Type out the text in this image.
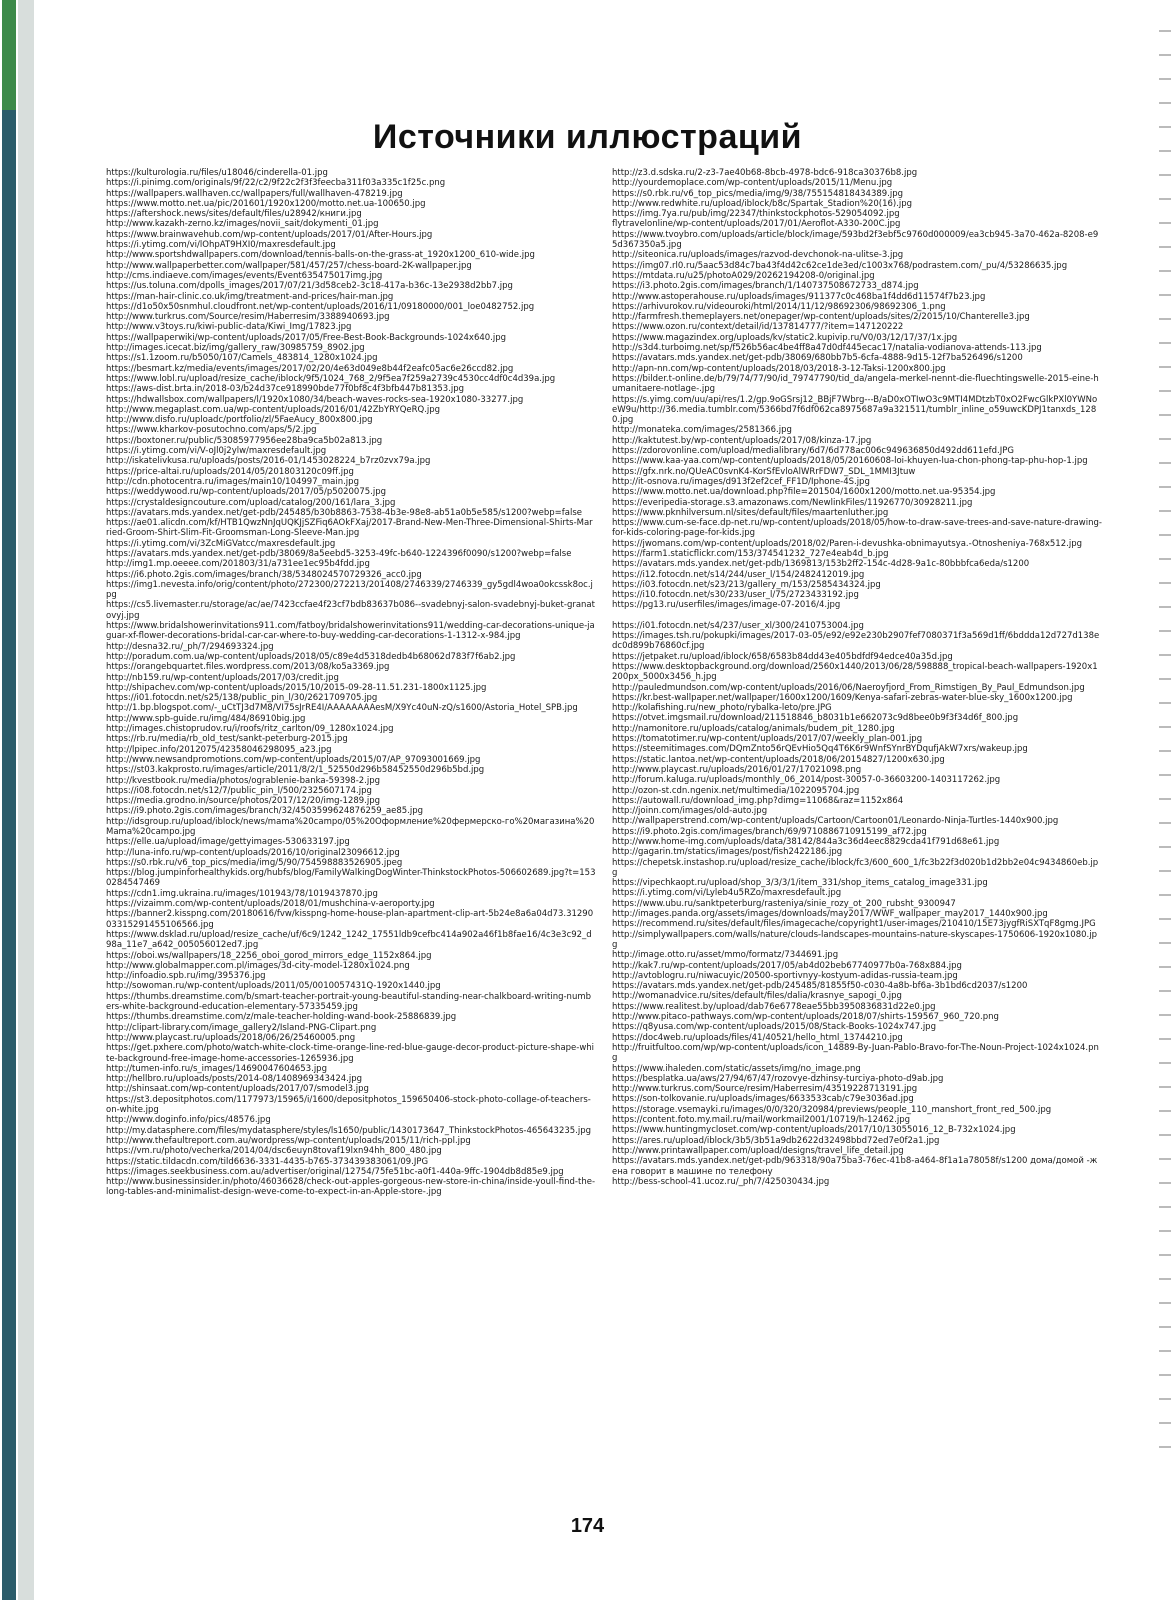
Источники иллюстраций
https://kulturologia.ru/files/u18046/cinderella-01.jpg
https://i.pinimg.com/originals/9f/22/c2/9f22c2f3f3feecba311f03a335c1f25c.png
https://wallpapers.wallhaven.cc/wallpapers/full/wallhaven-478219.jpg
https://www.motto.net.ua/pic/201601/1920x1200/motto.net.ua-100650.jpg
https://aftershock.news/sites/default/files/u28942/книги.jpg
http://www.kazakh-zerno.kz/images/novii_sait/dokymenti_01.jpg
https://www.brainwavehub.com/wp-content/uploads/2017/01/After-Hours.jpg
https://i.ytimg.com/vi/lOhpAT9HXI0/maxresdefault.jpg
http://www.sportshdwallpapers.com/download/tennis-balls-on-the-grass-at_1920x1200_610-wide.jpg
http://www.wallpaperbetter.com/wallpaper/581/457/257/chess-board-2K-wallpaper.jpg
http://cms.indiaeve.com/images/events/Event635475017img.jpg
https://us.toluna.com/dpolls_images/2017/07/21/3d58ceb2-3c18-417a-b36c-13e2938d2bb7.jpg
https://man-hair-clinic.co.uk/img/treatment-and-prices/hair-man.jpg
https://d1o50x50snmhul.cloudfront.net/wp-content/uploads/2016/11/09180000/001_loe0482752.jpg
http://www.turkrus.com/Source/resim/Haberresim/3388940693.jpg
http://www.v3toys.ru/kiwi-public-data/Kiwi_Img/17823.jpg
https://wallpaperwiki/wp-content/uploads/2017/05/Free-Best-Book-Backgrounds-1024x640.jpg
http://images.icecat.biz/img/gallery_raw/30985759_8902.jpg
https://s1.1zoom.ru/b5050/107/Camels_483814_1280x1024.jpg
https://besmart.kz/media/events/images/2017/02/20/4e63d049e8b44f2eafc05ac6e26ccd82.jpg
https://www.lobl.ru/upload/resize_cache/iblock/9f5/1024_768_2/9f5ea7f259a2739c4530cc4df0c4d39a.jpg
https://aws-dist.brta.in/2018-03/b24d37ce918990bde77f0bf8c4f3bfb447b81353.jpg
https://hdwallsbox.com/wallpapers/l/1920x1080/34/beach-waves-rocks-sea-1920x1080-33277.jpg
http://www.megaplast.com.ua/wp-content/uploads/2016/01/42ZbYRYQeRQ.jpg
http://www.disfo.ru/uploadc/portfolio/zl/5FaeAucy_800x800.jpg
https://www.kharkov-posutochno.com/aps/5/2.jpg
https://boxtoner.ru/public/53085977956ee28ba9ca5b02a813.jpg
https://i.ytimg.com/vi/V-oJl0j2ylw/maxresdefault.jpg
http://iskatelivkusa.ru/uploads/posts/2016-01/1453028224_b7rz0zvx79a.jpg
https://price-altai.ru/uploads/2014/05/201803120c09ff.jpg
http://cdn.photocentra.ru/images/main10/104997_main.jpg
https://weddywood.ru/wp-content/uploads/2017/05/p5020075.jpg
https://crystaldesigncouture.com/upload/catalog/200/161/lara_3.jpg
https://avatars.mds.yandex.net/get-pdb/245485/b30b8863-7538-4b3e-98e8-ab51a0b5e585/s1200?webp=false
https://ae01.alicdn.com/kf/HTB1QwzNnJqUQKJjSZFiq6AOkFXaj/2017-Brand-New-Men-Three-Dimensional-Shirts-Married-Groom-Shirt-Slim-Fit-Groomsman-Long-Sleeve-Man.jpg
https://i.ytimg.com/vi/3ZcMiGVatcc/maxresdefault.jpg
https://avatars.mds.yandex.net/get-pdb/38069/8a5eebd5-3253-49fc-b640-1224396f0090/s1200?webp=false
http://img1.mp.oeeee.com/201803/31/a731ee1ec95b4fdd.jpg
https://i6.photo.2gis.com/images/branch/38/5348024570729326_acc0.jpg
https://img1.nevesta.info/orig/content/photo/272300/272213/201408/2746339/2746339_gy5gdl4woa0okcssk8oc.jpg
https://cs5.livemaster.ru/storage/ac/ae/7423ccfae4f23cf7bdb83637b086--svadebnyj-salon-svadebnyj-buket-granatovyj.jpg
https://www.bridalshowerinvitations911.com/fatboy/bridalshowerinvitations911/wedding-car-decorations-unique-jaguar-xf-flower-decorations-bridal-car-car-where-to-buy-wedding-car-decorations-1-1312-x-984.jpg
http://desna32.ru/_ph/7/294693324.jpg
http://poradum.com.ua/wp-content/uploads/2018/05/c89e4d5318dedb4b68062d783f7f6ab2.jpg
https://orangebquartet.files.wordpress.com/2013/08/ko5a3369.jpg
http://nb159.ru/wp-content/uploads/2017/03/credit.jpg
http://shipachev.com/wp-content/uploads/2015/10/2015-09-28-11.51.231-1800x1125.jpg
https://i01.fotocdn.net/s25/138/public_pin_l/30/2621709705.jpg
http://1.bp.blogspot.com/-_uCtTJ3d7M8/VI75sJrRE4I/AAAAAAAAesM/X9Yc40uN-zQ/s1600/Astoria_Hotel_SPB.jpg
http://www.spb-guide.ru/img/484/86910big.jpg
http://images.chistoprudov.ru/i/roofs/ritz_carlton/09_1280x1024.jpg
https://rb.ru/media/rb_old_test/sankt-peterburg-2015.jpg
http://lpipec.info/2012075/42358046298095_a23.jpg
http://www.newsandpromotions.com/wp-content/uploads/2015/07/AP_97093001669.jpg
https://st03.kakprosto.ru/images/article/2011/8/2/1_52550d296b58452550d296b5bd.jpg
http://kvestbook.ru/media/photos/ograblenie-banka-59398-2.jpg
https://i08.fotocdn.net/s12/7/public_pin_l/500/2325607174.jpg
https://media.grodno.in/source/photos/2017/12/20/img-1289.jpg
https://i9.photo.2gis.com/images/branch/32/4503599624876259_ae85.jpg
http://idsgroup.ru/upload/iblock/news/mama%20campo/05%20Оформление%20фермерско-го%20магазина%20Mama%20campo.jpg
https://elle.ua/upload/image/gettyimages-530633197.jpg
http://luna-info.ru/wp-content/uploads/2016/10/original23096612.jpg
https://s0.rbk.ru/v6_top_pics/media/img/5/90/754598883526905.jpeg
https://blog.jumpinforhealthykids.org/hubfs/blog/FamilyWalkingDogWinter-ThinkstockPhotos-506602689.jpg?t=1530284547469
https://cdn1.img.ukraina.ru/images/101943/78/1019437870.jpg
https://vizaimm.com/wp-content/uploads/2018/01/mushchina-v-aeroporty.jpg
https://banner2.kisspng.com/20180616/fvw/kisspng-home-house-plan-apartment-clip-art-5b24e8a6a04d73.3129003315291455106566.jpg
https://www.dsklad.ru/upload/resize_cache/uf/6c9/1242_1242_17551ldb9cefbc414a902a46f1b8fae16/4c3e3c92_d98a_11e7_a642_005056012ed7.jpg
https://oboi.ws/wallpapers/18_2256_oboi_gorod_mirrors_edge_1152x864.jpg
http://www.globalmapper.com.pl/images/3d-city-model-1280x1024.png
http://infoadio.spb.ru/img/395376.jpg
http://sowoman.ru/wp-content/uploads/2011/05/0010057431Q-1920x1440.jpg
https://thumbs.dreamstime.com/b/smart-teacher-portrait-young-beautiful-standing-near-chalkboard-writing-numbers-white-background-education-elementary-57335459.jpg
https://thumbs.dreamstime.com/z/male-teacher-holding-wand-book-25886839.jpg
http://clipart-library.com/image_gallery2/Island-PNG-Clipart.png
http://www.playcast.ru/uploads/2018/06/26/25460005.png
https://get.pxhere.com/photo/watch-white-clock-time-orange-line-red-blue-gauge-decor-product-picture-shape-white-background-free-image-home-accessories-1265936.jpg
http://tumen-info.ru/s_images/14690047604653.jpg
http://hellbro.ru/uploads/posts/2014-08/1408969343424.jpg
http://shinsaat.com/wp-content/uploads/2017/07/smodel3.jpg
https://st3.depositphotos.com/1177973/15965/i/1600/depositphotos_159650406-stock-photo-collage-of-teachers-on-white.jpg
http://www.doginfo.info/pics/48576.jpg
http://my.datasphere.com/files/mydatasphere/styles/ls1650/public/1430173647_ThinkstockPhotos-465643235.jpg
http://www.thefaultreport.com.au/wordpress/wp-content/uploads/2015/11/rich-ppl.jpg
https://vm.ru/photo/vecherka/2014/04/dsc6euyn8tovaf19lxn94hh_800_480.jpg
https://static.tildacdn.com/tild6636-3331-4435-b765-373439383061/09.JPG
https://images.seekbusiness.com.au/advertiser/original/12754/75fe51bc-a0f1-440a-9ffc-1904db8d85e9.jpg
http://www.businessinsider.in/photo/46036628/check-out-apples-gorgeous-new-store-in-china/inside-youll-find-the-long-tables-and-minimalist-design-weve-come-to-expect-in-an-Apple-store-.jpg
http://z3.d.sdska.ru/2-z3-7ae40b68-8bcb-4978-bdc6-918ca30376b8.jpg
http://yourdemoplace.com/wp-content/uploads/2015/11/Menu.jpg
https://s0.rbk.ru/v6_top_pics/media/img/9/38/755154818434389.jpg
http://www.redwhite.ru/upload/iblock/b8c/Spartak_Stadion%20(16).jpg
https://img.7ya.ru/pub/img/22347/thinkstockphotos-529054092.jpg
flytravelonline/wp-content/uploads/2017/01/Aeroflot-A330-200C.jpg
https://www.tvoybro.com/uploads/article/block/image/593bd2f3ebf5c9760d000009/ea3cb945-3a70-462a-8208-e95d367350a5.jpg
http://siteonica.ru/uploads/images/razvod-devchonok-na-ulitse-3.jpg
https://img07.rl0.ru/5aac53d84c7ba43f4d42c62ce1de3ed/c1003x768/podrastem.com/_pu/4/53286635.jpg
https://mtdata.ru/u25/photoA029/20262194208-0/original.jpg
https://i3.photo.2gis.com/images/branch/1/140737508672733_d874.jpg
http://www.astoperahouse.ru/uploads/images/911377c0c468ba1f4dd6d11574f7b23.jpg
https://arhivurokov.ru/videouroki/html/2014/11/12/98692306/98692306_1.png
http://farmfresh.themeplayers.net/onepager/wp-content/uploads/sites/2/2015/10/Chanterelle3.jpg
https://www.ozon.ru/context/detail/id/137814777/?item=147120222
https://www.magazindex.org/uploads/kv/static2.kupivip.ru/V0/03/12/17/37/1x.jpg
http://s3d4.turboimg.net/sp/f526b56ac4be4ff8a47d0df445ecac17/natalia-vodianova-attends-113.jpg
https://avatars.mds.yandex.net/get-pdb/38069/680bb7b5-6cfa-4888-9d15-12f7ba526496/s1200
http://apn-nn.com/wp-content/uploads/2018/03/2018-3-12-Taksi-1200x800.jpg
https://bilder.t-online.de/b/79/74/77/90/id_79747790/tid_da/angela-merkel-nennt-die-fluechtingswelle-2015-eine-humanitaere-notlage-.jpg
https://s.yimg.com/uu/api/res/1.2/gp.9oGSrsj12_BBjF7Wbrg---B/aD0xOTIwO3c9MTI4MDtzbT0xO2FwcGlkPXl0YWNoeW9u/http://36.media.tumblr.com/5366bd7f6df062ca8975687a9a321511/tumblr_inline_o59uwcKDPJ1tanxds_1280.jpg
http://monateka.com/images/2581366.jpg
http://kaktutest.by/wp-content/uploads/2017/08/kinza-17.jpg
https://zdorovonline.com/upload/medialibrary/6d7/6d778ac006c949636850d492dd611efd.JPG
https://www.kaa-yaa.com/wp-content/uploads/2018/05/20160608-loi-khuyen-lua-chon-phong-tap-phu-hop-1.jpg
https://gfx.nrk.no/QUeAC0svnK4-KorSfEvloAlWRrFDW7_SDL_1MMI3Jtuw
http://it-osnova.ru/images/d913f2ef2cef_FF1D/Iphone-4S.jpg
https://www.motto.net.ua/download.php?file=201504/1600x1200/motto.net.ua-95354.jpg
https://everipedia-storage.s3.amazonaws.com/NewlinkFiles/11926770/30928211.jpg
https://www.pknhilversum.nl/sites/default/files/maartenluther.jpg
https://www.cum-se-face.dp-net.ru/wp-content/uploads/2018/05/how-to-draw-save-trees-and-save-nature-drawing-for-kids-coloring-page-for-kids.jpg
https://jwomans.com/wp-content/uploads/2018/02/Paren-i-devushka-obnimayutsya.-Otnosheniya-768x512.jpg
https://farm1.staticflickr.com/153/374541232_727e4eab4d_b.jpg
https://avatars.mds.yandex.net/get-pdb/1369813/153b2ff2-154c-4d28-9a1c-80bbbfca6eda/s1200
https://i12.fotocdn.net/s14/244/user_l/154/2482412019.jpg
https://i03.fotocdn.net/s23/213/gallery_m/153/2585434324.jpg
https://i10.fotocdn.net/s30/233/user_l/75/2723433192.jpg
https://pg13.ru/userfiles/images/image-07-2016/4.jpg
https://i01.fotocdn.net/s4/237/user_xl/300/2410753004.jpg
https://images.tsh.ru/pokupki/images/2017-03-05/e92/e92e230b2907fef7080371f3a569d1ff/6bddda12d727d138edc0d899b76860cf.jpg
https://jetpaket.ru/upload/iblock/658/6583b84dd43e405bdfdf94edce40a35d.jpg
https://www.desktopbackground.org/download/2560x1440/2013/06/28/598888_tropical-beach-wallpapers-1920x1200px_5000x3456_h.jpg
http://pauledmundson.com/wp-content/uploads/2016/06/Naeroyfjord_From_Rimstigen_By_Paul_Edmundson.jpg
https://kr.best-wallpaper.net/wallpaper/1600x1200/1609/Kenya-safari-zebras-water-blue-sky_1600x1200.jpg
http://kolafishing.ru/new_photo/rybalka-leto/pre.JPG
https://otvet.imgsmail.ru/download/211518846_b8031b1e662073c9d8bee0b9f3f34d6f_800.jpg
http://namonitore.ru/uploads/catalog/animals/budem_pit_1280.jpg
https://tomatotimer.ru/wp-content/uploads/2017/07/weekly_plan-001.jpg
https://steemitimages.com/DQmZnto56rQEvHio5Qq4T6K6r9WnfSYnrBYDqufjAkW7xrs/wakeup.jpg
https://static.lantoa.net/wp-content/uploads/2018/06/20154827/1200x630.jpg
http://www.playcast.ru/uploads/2016/01/27/17021098.png
http://forum.kaluga.ru/uploads/monthly_06_2014/post-30057-0-36603200-1403117262.jpg
http://ozon-st.cdn.ngenix.net/multimedia/1022095704.jpg
https://autowall.ru/download_img.php?dimg=11068&raz=1152x864
http://joinn.com/images/old-auto.jpg
http://wallpaperstrend.com/wp-content/uploads/Cartoon/Cartoon01/Leonardo-Ninja-Turtles-1440x900.jpg
https://i9.photo.2gis.com/images/branch/69/9710886710915199_af72.jpg
http://www.home-img.com/uploads/data/38142/844a3c36d4eec8829cda41f791d68e61.jpg
http://gagarin.tm/statics/images/post/fish2422186.jpg
https://chepetsk.instashop.ru/upload/resize_cache/iblock/fc3/600_600_1/fc3b22f3d020b1d2bb2e04c9434860eb.jpg
https://vipechkaopt.ru/upload/shop_3/3/3/1/item_331/shop_items_catalog_image331.jpg
https://i.ytimg.com/vi/Lyleb4u5RZo/maxresdefault.jpg
https://www.ubu.ru/sanktpeterburg/rasteniya/sinie_rozy_ot_200_rubsht_9300947
http://images.panda.org/assets/images/downloads/may2017/WWF_wallpaper_may2017_1440x900.jpg
https://recommend.ru/sites/default/files/imagecache/copyright1/user-images/210410/15E73jygfRiSXTqF8gmg.JPG
http://simplywallpapers.com/walls/nature/clouds-landscapes-mountains-nature-skyscapes-1750606-1920x1080.jpg
http://image.otto.ru/asset/mmo/formatz/7344691.jpg
http://kak7.ru/wp-content/uploads/2017/05/ab4d02beb67740977b0a-768x884.jpg
http://avtoblogru.ru/niwacuyic/20500-sportivnyy-kostyum-adidas-russia-team.jpg
https://avatars.mds.yandex.net/get-pdb/245485/81855f50-c030-4a8b-bf6a-3b1bd6cd2037/s1200
http://womanadvice.ru/sites/default/files/dalia/krasnye_sapogi_0.jpg
https://www.realitest.by/upload/dab76e6778eae55bb3950836831d22e0.jpg
http://www.pitaco-pathways.com/wp-content/uploads/2018/07/shirts-159567_960_720.png
https://q8yusa.com/wp-content/uploads/2015/08/Stack-Books-1024x747.jpg
https://doc4web.ru/uploads/files/41/40521/hello_html_13744210.jpg
http://fruitfultoo.com/wp/wp-content/uploads/icon_14889-By-Juan-Pablo-Bravo-for-The-Noun-Project-1024x1024.png
https://www.ihaleden.com/static/assets/img/no_image.png
https://besplatka.ua/aws/27/94/67/47/rozovye-dzhinsy-turciya-photo-d9ab.jpg
http://www.turkrus.com/Source/resim/Haberresim/43519228713191.jpg
https://son-tolkovanie.ru/uploads/images/6633533cab/c79e3036ad.jpg
https://storage.vsemayki.ru/images/0/0/320/320984/previews/people_110_manshort_front_red_500.jpg
https://content.foto.my.mail.ru/mail/workmail2001/10719/h-12462.jpg
https://www.huntingmycloset.com/wp-content/uploads/2017/10/13055016_12_B-732x1024.jpg
https://ares.ru/upload/iblock/3b5/3b51a9db2622d32498bbd72ed7e0f2a1.jpg
http://www.printawallpaper.com/upload/designs/travel_life_detail.jpg
https://avatars.mds.yandex.net/get-pdb/963318/90a75ba3-76ec-41b8-a464-8f1a1a78058f/s1200 дома/домой -жена говорит в машине по телефону
http://bess-school-41.ucoz.ru/_ph/7/425030434.jpg
174
